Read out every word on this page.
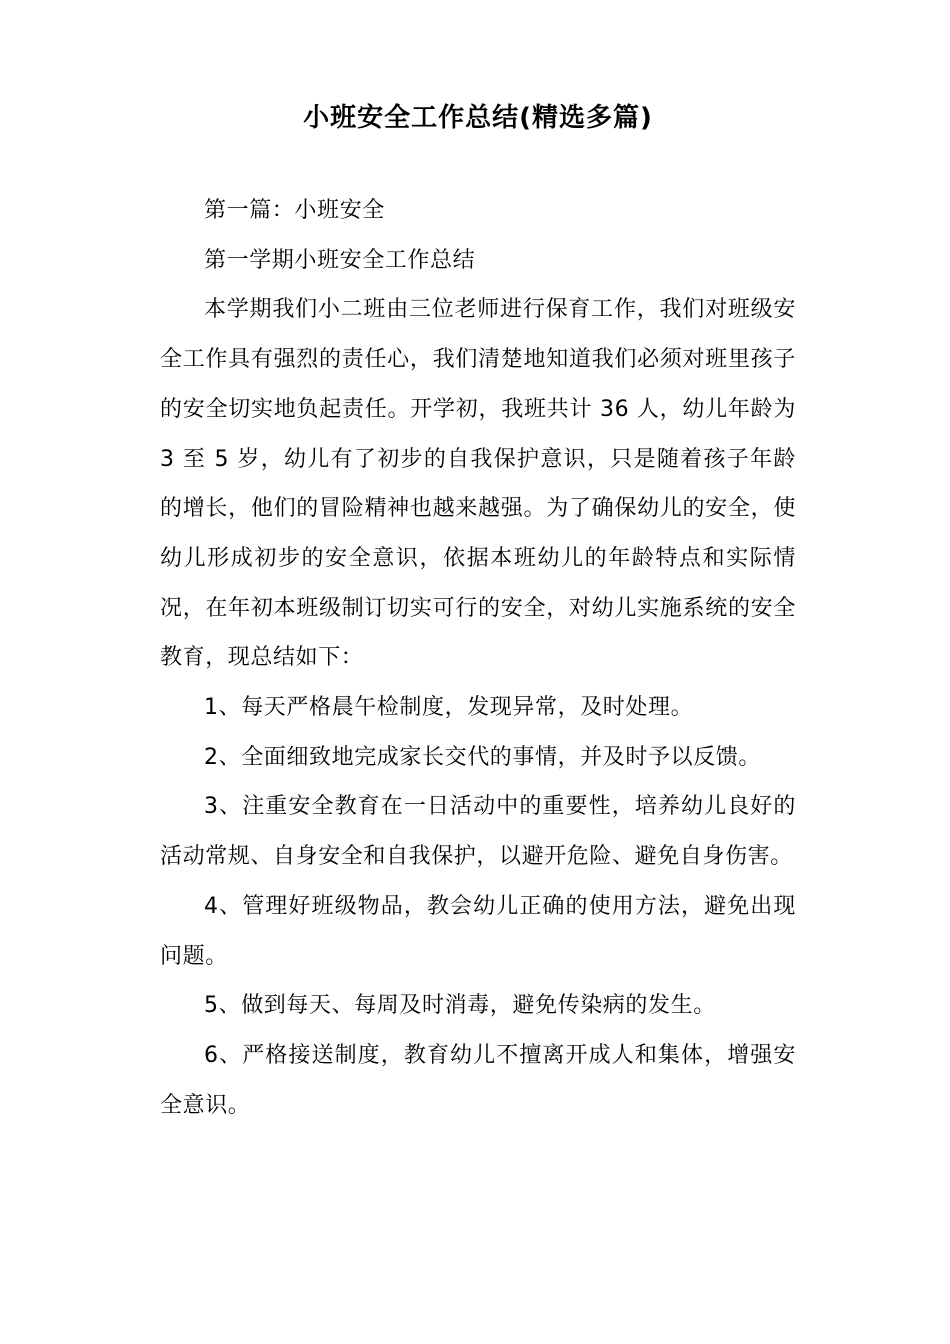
小班安全工作总结(精选多篇)

第一篇：小班安全

第一学期小班安全工作总结

本学期我们小二班由三位老师进行保育工作，我们对班级安全工作具有强烈的责任心，我们清楚地知道我们必须对班里孩子的安全切实地负起责任。开学初，我班共计 36 人，幼儿年龄为 3 至 5 岁，幼儿有了初步的自我保护意识，只是随着孩子年龄的增长，他们的冒险精神也越来越强。为了确保幼儿的安全，使幼儿形成初步的安全意识，依据本班幼儿的年龄特点和实际情况，在年初本班级制订切实可行的安全，对幼儿实施系统的安全教育，现总结如下：

1、每天严格晨午检制度，发现异常，及时处理。

2、全面细致地完成家长交代的事情，并及时予以反馈。

3、注重安全教育在一日活动中的重要性，培养幼儿良好的活动常规、自身安全和自我保护，以避开危险、避免自身伤害。

4、管理好班级物品，教会幼儿正确的使用方法，避免出现问题。

5、做到每天、每周及时消毒，避免传染病的发生。

6、严格接送制度，教育幼儿不擅离开成人和集体，增强安全意识。
